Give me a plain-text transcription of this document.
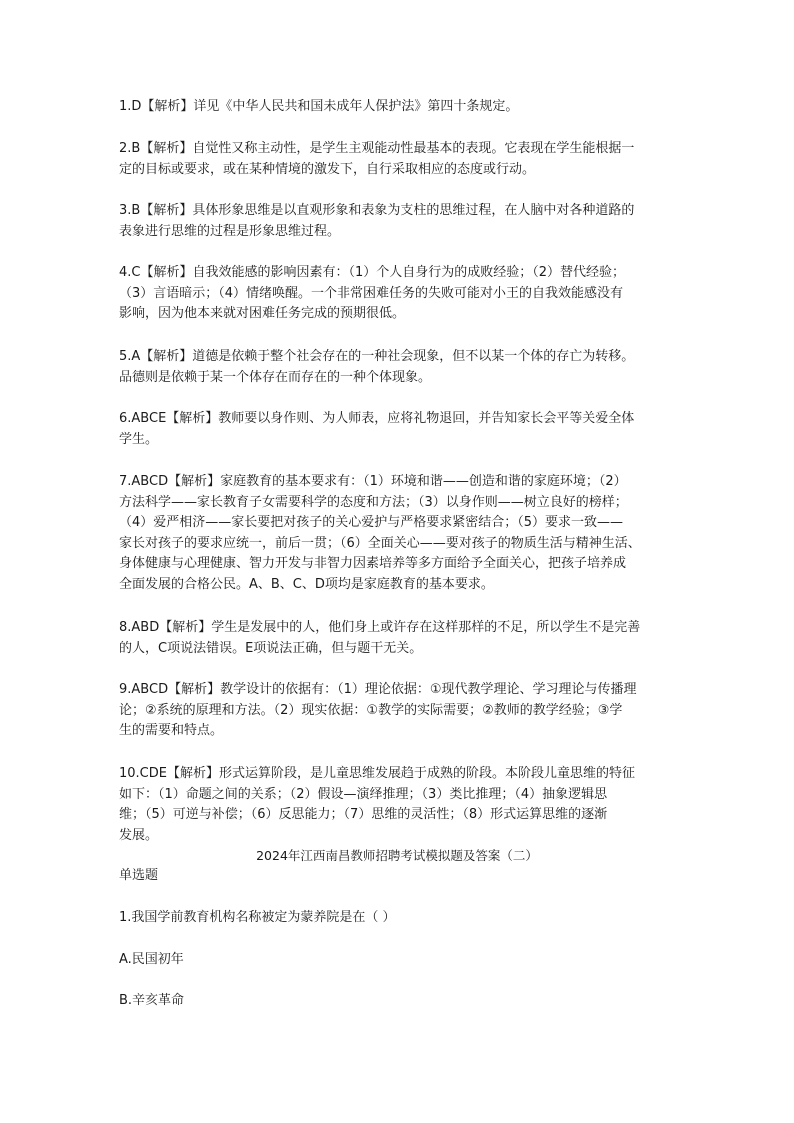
1.D【解析】详见《中华人民共和国未成年人保护法》第四十条规定。
2.B【解析】自觉性又称主动性，是学生主观能动性最基本的表现。它表现在学生能根据一
定的目标或要求，或在某种情境的激发下，自行采取相应的态度或行动。
3.B【解析】具体形象思维是以直观形象和表象为支柱的思维过程，在人脑中对各种道路的
表象进行思维的过程是形象思维过程。
4.C【解析】自我效能感的影响因素有：（1）个人自身行为的成败经验；（2）替代经验；
（3）言语暗示；（4）情绪唤醒。一个非常困难任务的失败可能对小王的自我效能感没有
影响，因为他本来就对困难任务完成的预期很低。
5.A【解析】道德是依赖于整个社会存在的一种社会现象，但不以某一个体的存亡为转移。
品德则是依赖于某一个体存在而存在的一种个体现象。
6.ABCE【解析】教师要以身作则、为人师表，应将礼物退回，并告知家长会平等关爱全体
学生。
7.ABCD【解析】家庭教育的基本要求有：（1）环境和谐——创造和谐的家庭环境；（2）
方法科学——家长教育子女需要科学的态度和方法；（3）以身作则——树立良好的榜样；
（4）爱严相济——家长要把对孩子的关心爱护与严格要求紧密结合；（5）要求一致——
家长对孩子的要求应统一，前后一贯；（6）全面关心——要对孩子的物质生活与精神生活、
身体健康与心理健康、智力开发与非智力因素培养等多方面给予全面关心，把孩子培养成
全面发展的合格公民。A、B、C、D项均是家庭教育的基本要求。
8.ABD【解析】学生是发展中的人，他们身上或许存在这样那样的不足，所以学生不是完善
的人，C项说法错误。E项说法正确，但与题干无关。
9.ABCD【解析】教学设计的依据有：（1）理论依据：①现代教学理论、学习理论与传播理
论；②系统的原理和方法。（2）现实依据：①教学的实际需要；②教师的教学经验；③学
生的需要和特点。
10.CDE【解析】形式运算阶段，是儿童思维发展趋于成熟的阶段。本阶段儿童思维的特征
如下：（1）命题之间的关系；（2）假设—演绎推理；（3）类比推理；（4）抽象逻辑思
维；（5）可逆与补偿；（6）反思能力；（7）思维的灵活性；（8）形式运算思维的逐渐
发展。
2024年江西南昌教师招聘考试模拟题及答案（二）
单选题
1.我国学前教育机构名称被定为蒙养院是在（ ）
A.民国初年
B.辛亥革命
